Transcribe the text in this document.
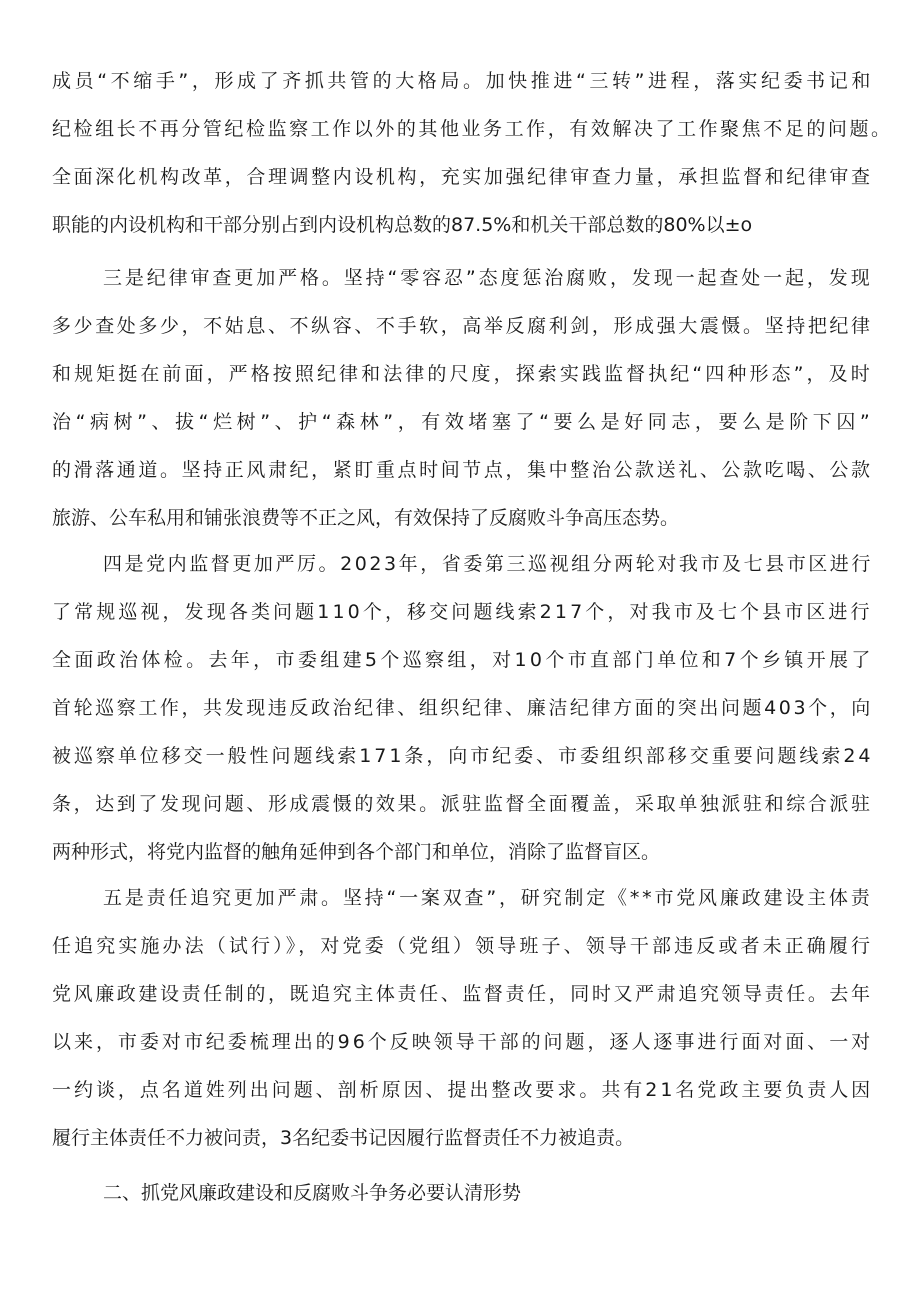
成员“不缩手”，形成了齐抓共管的大格局。加快推进“三转”进程，落实纪委书记和
纪检组长不再分管纪检监察工作以外的其他业务工作，有效解决了工作聚焦不足的问题。
全面深化机构改革，合理调整内设机构，充实加强纪律审查力量，承担监督和纪律审查
职能的内设机构和干部分别占到内设机构总数的87.5%和机关干部总数的80%以±o
三是纪律审查更加严格。坚持“零容忍”态度惩治腐败，发现一起查处一起，发现
多少查处多少，不姑息、不纵容、不手软，高举反腐利剑，形成强大震慑。坚持把纪律
和规矩挺在前面，严格按照纪律和法律的尺度，探索实践监督执纪“四种形态”，及时
治“病树”、拔“烂树”、护“森林”，有效堵塞了“要么是好同志，要么是阶下囚”
的滑落通道。坚持正风肃纪，紧盯重点时间节点，集中整治公款送礼、公款吃喝、公款
旅游、公车私用和铺张浪费等不正之风，有效保持了反腐败斗争高压态势。
四是党内监督更加严厉。2023年，省委第三巡视组分两轮对我市及七县市区进行
了常规巡视，发现各类问题110个，移交问题线索217个，对我市及七个县市区进行
全面政治体检。去年，市委组建5个巡察组，对10个市直部门单位和7个乡镇开展了
首轮巡察工作，共发现违反政治纪律、组织纪律、廉洁纪律方面的突出问题403个，向
被巡察单位移交一般性问题线索171条，向市纪委、市委组织部移交重要问题线索24
条，达到了发现问题、形成震慑的效果。派驻监督全面覆盖，采取单独派驻和综合派驻
两种形式，将党内监督的触角延伸到各个部门和单位，消除了监督盲区。
五是责任追究更加严肃。坚持“一案双查”，研究制定《**市党风廉政建设主体责
任追究实施办法（试行）》，对党委（党组）领导班子、领导干部违反或者未正确履行
党风廉政建设责任制的，既追究主体责任、监督责任，同时又严肃追究领导责任。去年
以来，市委对市纪委梳理出的96个反映领导干部的问题，逐人逐事进行面对面、一对
一约谈，点名道姓列出问题、剖析原因、提出整改要求。共有21名党政主要负责人因
履行主体责任不力被问责，3名纪委书记因履行监督责任不力被追责。
二、抓党风廉政建设和反腐败斗争务必要认清形势
